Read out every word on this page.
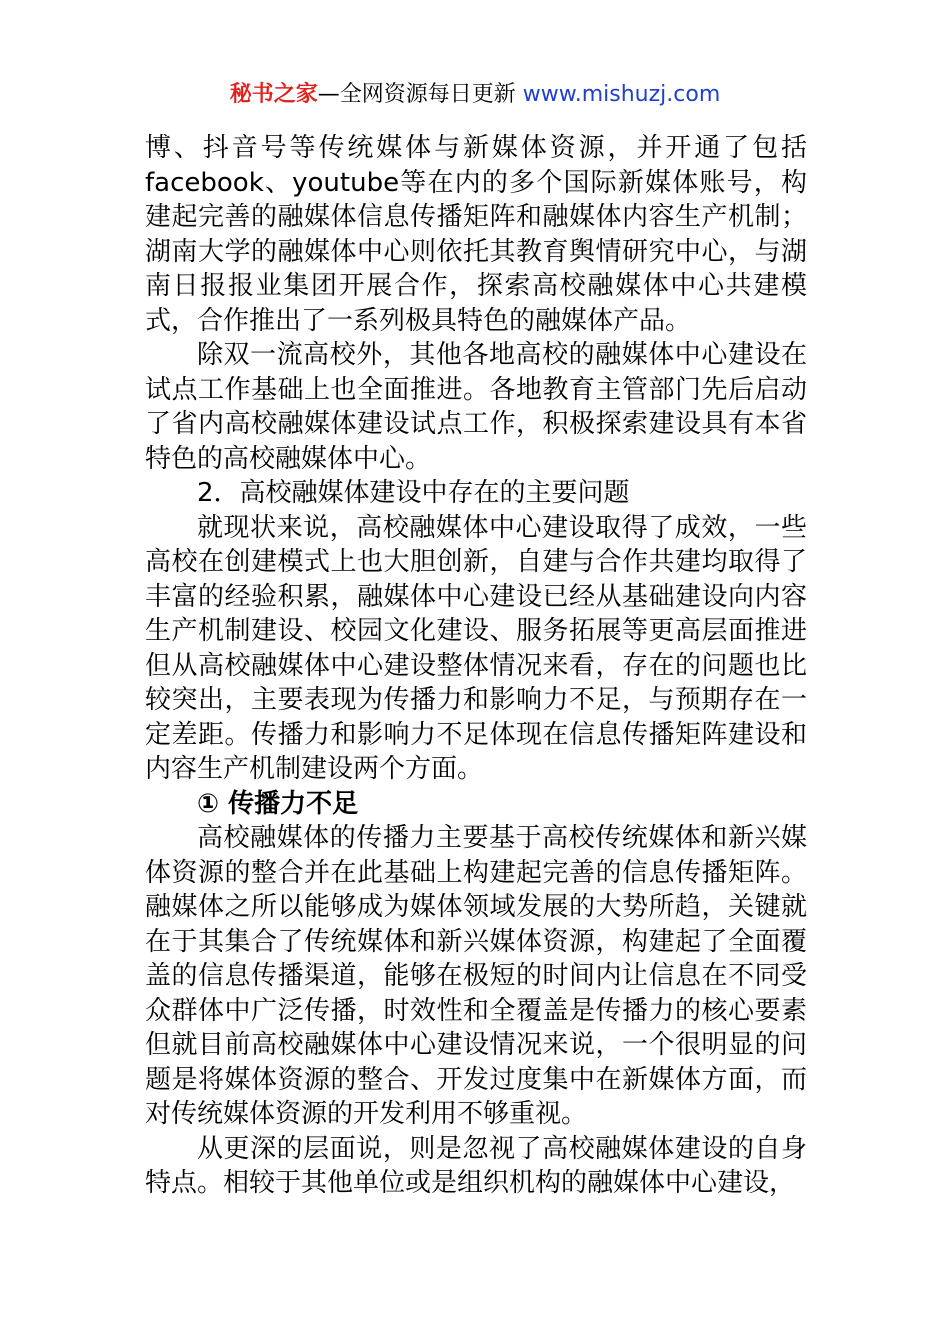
秘书之家—全网资源每日更新 www.mishuzj.com

博、抖音号等传统媒体与新媒体资源，并开通了包括facebook、youtube等在内的多个国际新媒体账号，构建起完善的融媒体信息传播矩阵和融媒体内容生产机制；湖南大学的融媒体中心则依托其教育舆情研究中心，与湖南日报报业集团开展合作，探索高校融媒体中心共建模式，合作推出了一系列极具特色的融媒体产品。

除双一流高校外，其他各地高校的融媒体中心建设在试点工作基础上也全面推进。各地教育主管部门先后启动了省内高校融媒体建设试点工作，积极探索建设具有本省特色的高校融媒体中心。

2．高校融媒体建设中存在的主要问题

就现状来说，高校融媒体中心建设取得了成效，一些高校在创建模式上也大胆创新，自建与合作共建均取得了丰富的经验积累，融媒体中心建设已经从基础建设向内容生产机制建设、校园文化建设、服务拓展等更高层面推进但从高校融媒体中心建设整体情况来看，存在的问题也比较突出，主要表现为传播力和影响力不足，与预期存在一定差距。传播力和影响力不足体现在信息传播矩阵建设和内容生产机制建设两个方面。

① 传播力不足

高校融媒体的传播力主要基于高校传统媒体和新兴媒体资源的整合并在此基础上构建起完善的信息传播矩阵。融媒体之所以能够成为媒体领域发展的大势所趋，关键就在于其集合了传统媒体和新兴媒体资源，构建起了全面覆盖的信息传播渠道，能够在极短的时间内让信息在不同受众群体中广泛传播，时效性和全覆盖是传播力的核心要素但就目前高校融媒体中心建设情况来说，一个很明显的问题是将媒体资源的整合、开发过度集中在新媒体方面，而对传统媒体资源的开发利用不够重视。

从更深的层面说，则是忽视了高校融媒体建设的自身特点。相较于其他单位或是组织机构的融媒体中心建设，
